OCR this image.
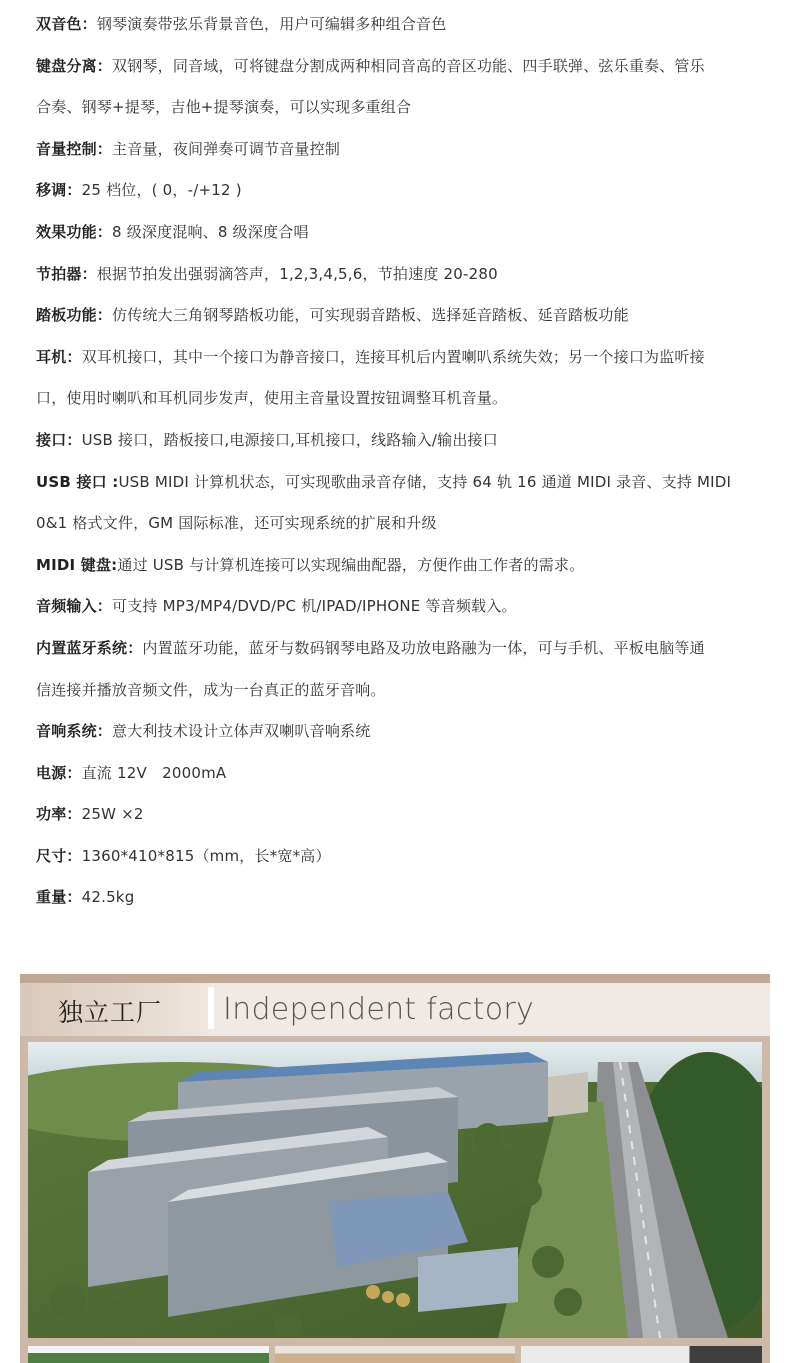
双音色：钢琴演奏带弦乐背景音色，用户可编辑多种组合音色

键盘分离：双钢琴，同音域，可将键盘分割成两种相同音高的音区功能、四手联弹、弦乐重奏、管乐

合奏、钢琴+提琴，吉他+提琴演奏，可以实现多重组合

音量控制：主音量，夜间弹奏可调节音量控制

移调：25 档位，( 0，-/+12 )

效果功能：8 级深度混响、8 级深度合唱

节拍器：根据节拍发出强弱滴答声，1,2,3,4,5,6，节拍速度 20-280

踏板功能：仿传统大三角钢琴踏板功能，可实现弱音踏板、选择延音踏板、延音踏板功能

耳机：双耳机接口，其中一个接口为静音接口，连接耳机后内置喇叭系统失效；另一个接口为监听接

口，使用时喇叭和耳机同步发声，使用主音量设置按钮调整耳机音量。

接口：USB 接口，踏板接口,电源接口,耳机接口，线路输入/输出接口

USB 接口 :USB MIDI 计算机状态，可实现歌曲录音存储，支持 64 轨 16 通道 MIDI 录音、支持 MIDI

0&1 格式文件，GM 国际标准，还可实现系统的扩展和升级

MIDI 键盘:通过 USB 与计算机连接可以实现编曲配器，方便作曲工作者的需求。

音频输入：可支持 MP3/MP4/DVD/PC 机/IPAD/IPHONE 等音频载入。

内置蓝牙系统：内置蓝牙功能，蓝牙与数码钢琴电路及功放电路融为一体，可与手机、平板电脑等通

信连接并播放音频文件，成为一台真正的蓝牙音响。

音响系统：意大利技术设计立体声双喇叭音响系统

电源：直流 12V　2000mA

功率：25W ×2

尺寸：1360*410*815（mm，长*宽*高）

重量：42.5kg

独立工厂 Independent factory
